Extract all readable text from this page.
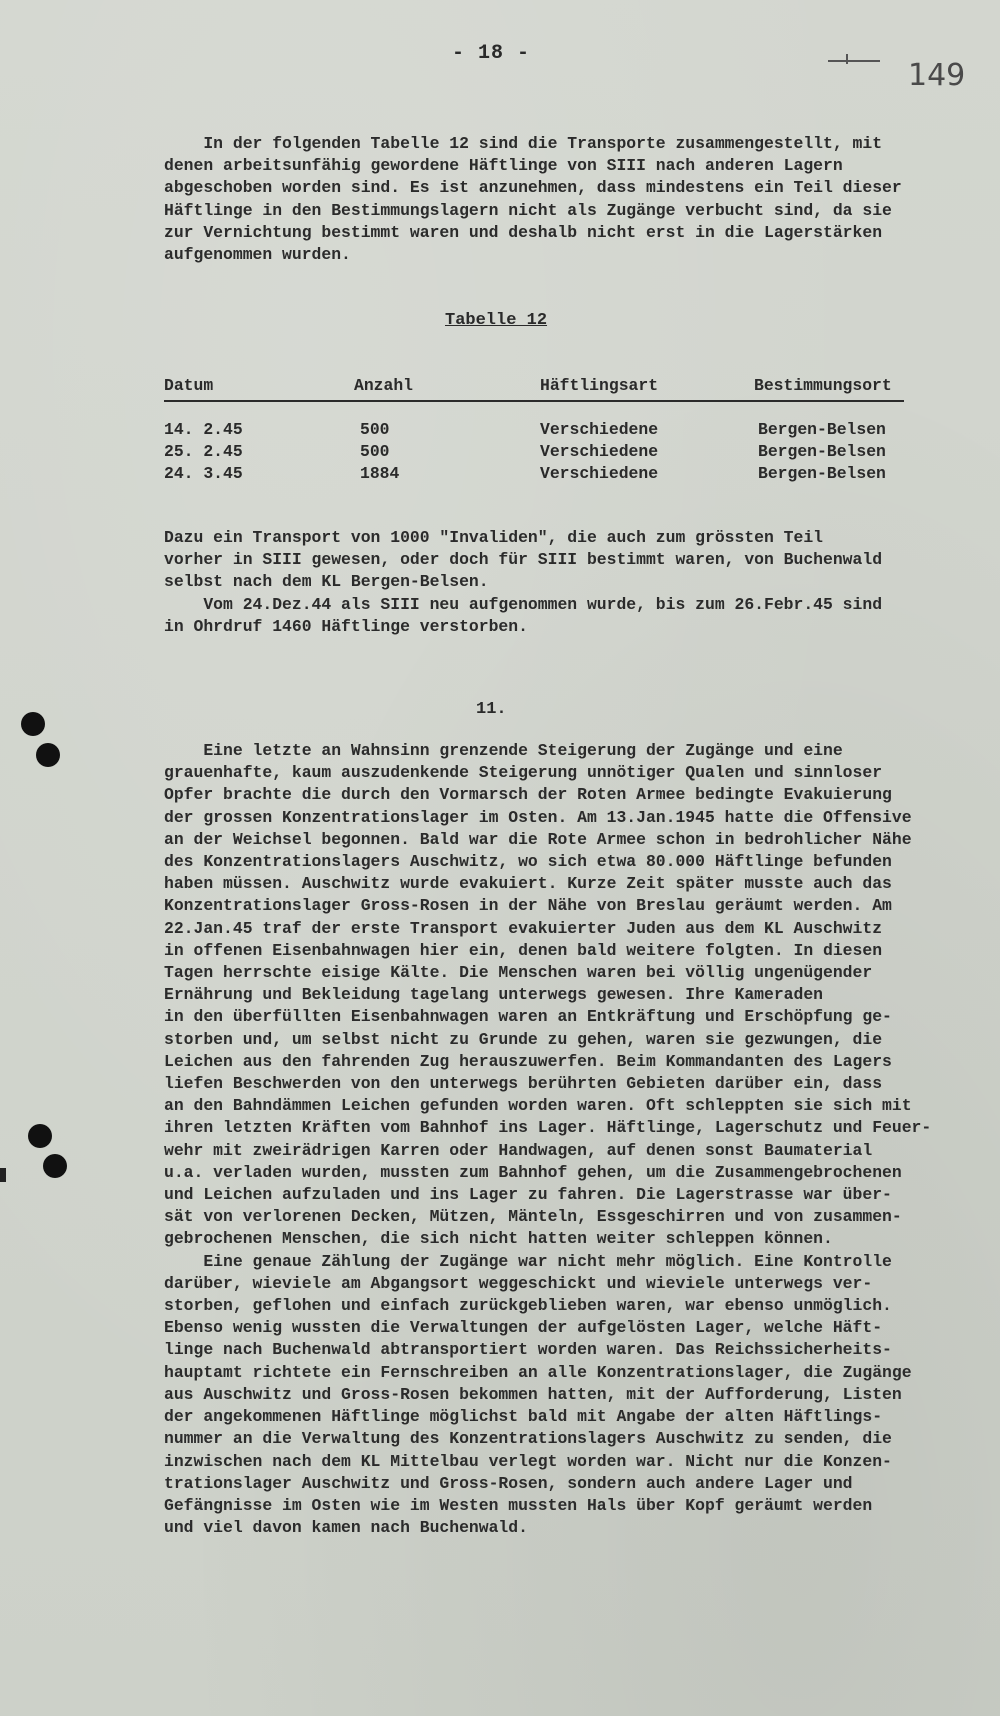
- 18 -
149
In der folgenden Tabelle 12 sind die Transporte zusammengestellt, mit
denen arbeitsunfähig gewordene Häftlinge von SIII nach anderen Lagern
abgeschoben worden sind. Es ist anzunehmen, dass mindestens ein Teil dieser
Häftlinge in den Bestimmungslagern nicht als Zugänge verbucht sind, da sie
zur Vernichtung bestimmt waren und deshalb nicht erst in die Lagerstärken
aufgenommen wurden.
Tabelle 12
Datum	Anzahl	Häftlingsart	Bestimmungsort
14. 2.45	500	Verschiedene	Bergen-Belsen
25. 2.45	500	Verschiedene	Bergen-Belsen
24. 3.45	1884	Verschiedene	Bergen-Belsen
Dazu ein Transport von 1000 "Invaliden", die auch zum grössten Teil
vorher in SIII gewesen, oder doch für SIII bestimmt waren, von Buchenwald
selbst nach dem KL Bergen-Belsen.
Vom 24.Dez.44 als SIII neu aufgenommen wurde, bis zum 26.Febr.45 sind
in Ohrdruf 1460 Häftlinge verstorben.
11.
Eine letzte an Wahnsinn grenzende Steigerung der Zugänge und eine
grauenhafte, kaum auszudenkende Steigerung unnötiger Qualen und sinnloser
Opfer brachte die durch den Vormarsch der Roten Armee bedingte Evakuierung
der grossen Konzentrationslager im Osten. Am 13.Jan.1945 hatte die Offensive
an der Weichsel begonnen. Bald war die Rote Armee schon in bedrohlicher Nähe
des Konzentrationslagers Auschwitz, wo sich etwa 80.000 Häftlinge befunden
haben müssen. Auschwitz wurde evakuiert. Kurze Zeit später musste auch das
Konzentrationslager Gross-Rosen in der Nähe von Breslau geräumt werden. Am
22.Jan.45 traf der erste Transport evakuierter Juden aus dem KL Auschwitz
in offenen Eisenbahnwagen hier ein, denen bald weitere folgten. In diesen
Tagen herrschte eisige Kälte. Die Menschen waren bei völlig ungenügender
Ernährung und Bekleidung tagelang unterwegs gewesen. Ihre Kameraden
in den überfüllten Eisenbahnwagen waren an Entkräftung und Erschöpfung ge-
storben und, um selbst nicht zu Grunde zu gehen, waren sie gezwungen, die
Leichen aus den fahrenden Zug herauszuwerfen. Beim Kommandanten des Lagers
liefen Beschwerden von den unterwegs berührten Gebieten darüber ein, dass
an den Bahndämmen Leichen gefunden worden waren. Oft schleppten sie sich mit
ihren letzten Kräften vom Bahnhof ins Lager. Häftlinge, Lagerschutz und Feuer-
wehr mit zweirädrigen Karren oder Handwagen, auf denen sonst Baumaterial
u.a. verladen wurden, mussten zum Bahnhof gehen, um die Zusammengebrochenen
und Leichen aufzuladen und ins Lager zu fahren. Die Lagerstrasse war über-
sät von verlorenen Decken, Mützen, Mänteln, Essgeschirren und von zusammen-
gebrochenen Menschen, die sich nicht hatten weiter schleppen können.
Eine genaue Zählung der Zugänge war nicht mehr möglich. Eine Kontrolle
darüber, wieviele am Abgangsort weggeschickt und wieviele unterwegs ver-
storben, geflohen und einfach zurückgeblieben waren, war ebenso unmöglich.
Ebenso wenig wussten die Verwaltungen der aufgelösten Lager, welche Häft-
linge nach Buchenwald abtransportiert worden waren. Das Reichssicherheits-
hauptamt richtete ein Fernschreiben an alle Konzentrationslager, die Zugänge
aus Auschwitz und Gross-Rosen bekommen hatten, mit der Aufforderung, Listen
der angekommenen Häftlinge möglichst bald mit Angabe der alten Häftlings-
nummer an die Verwaltung des Konzentrationslagers Auschwitz zu senden, die
inzwischen nach dem KL Mittelbau verlegt worden war. Nicht nur die Konzen-
trationslager Auschwitz und Gross-Rosen, sondern auch andere Lager und
Gefängnisse im Osten wie im Westen mussten Hals über Kopf geräumt werden
und viel davon kamen nach Buchenwald.
